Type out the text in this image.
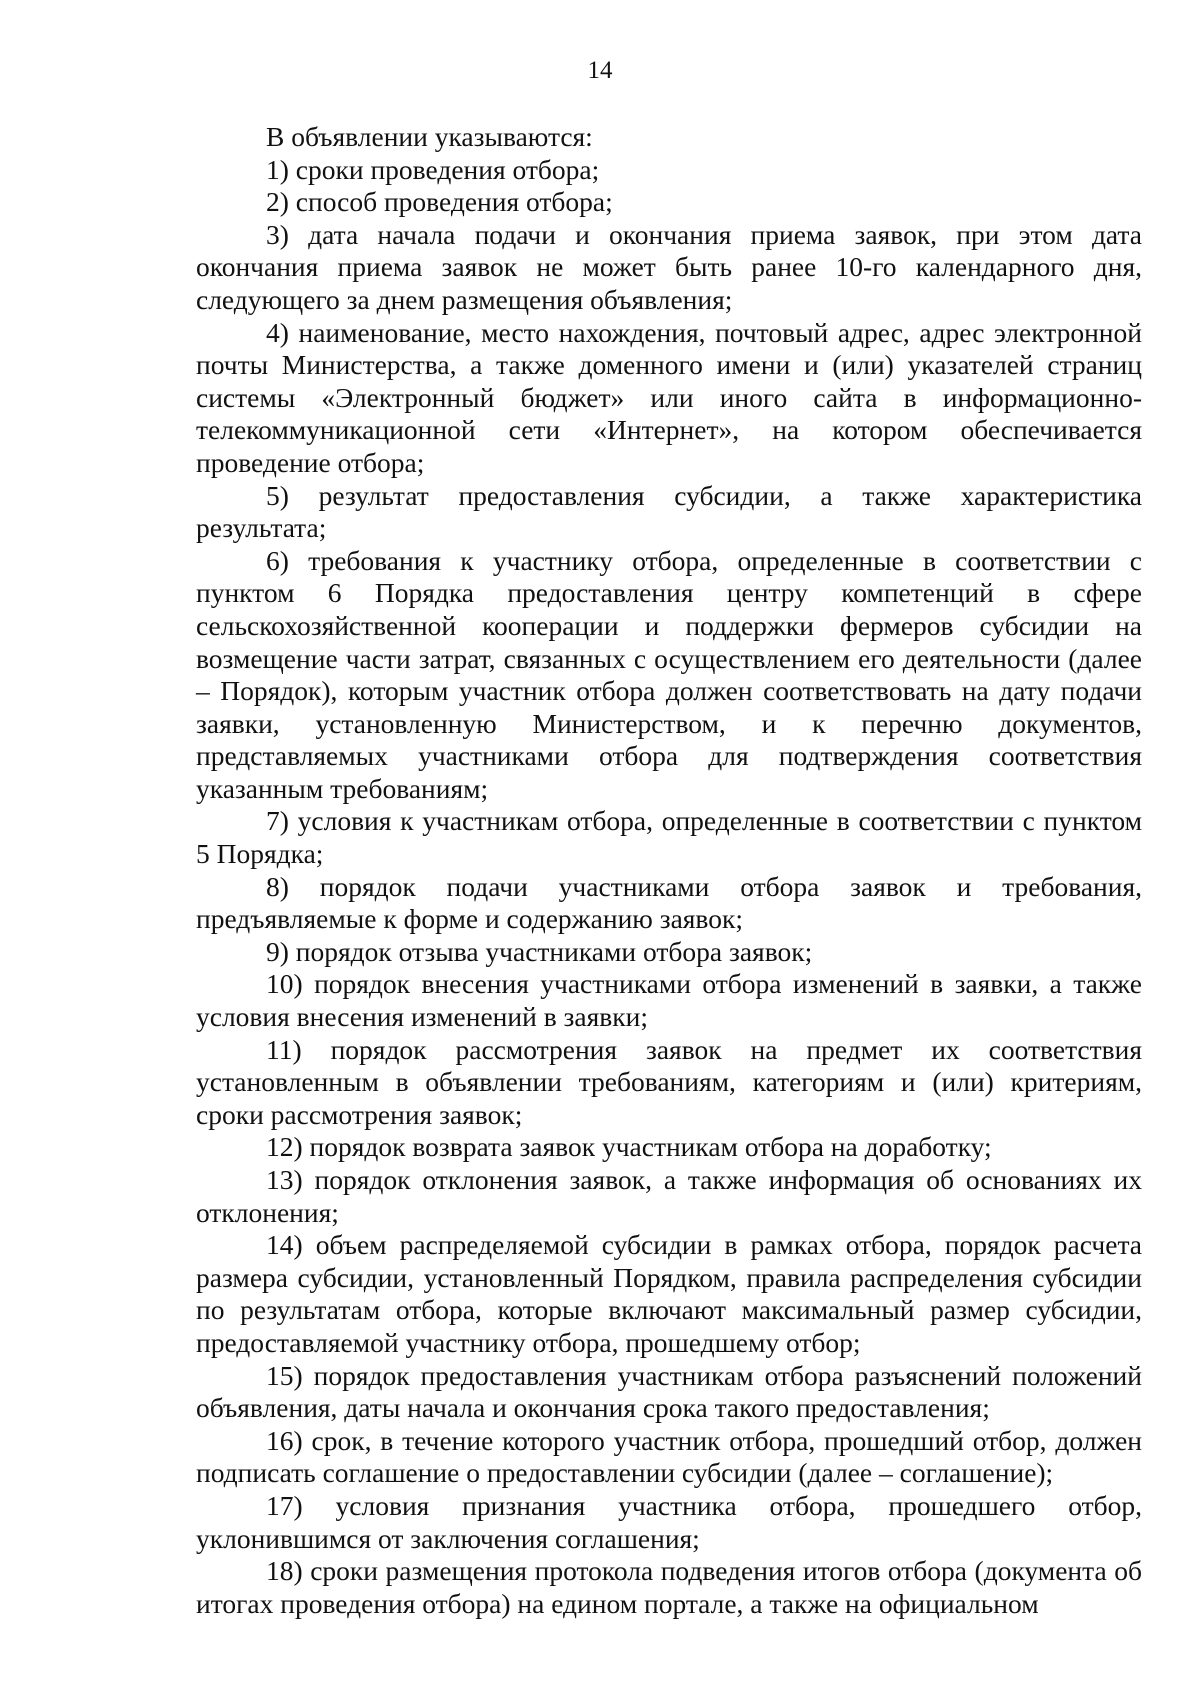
14

В объявлении указываются:

1) сроки проведения отбора;

2) способ проведения отбора;

3) дата начала подачи и окончания приема заявок, при этом дата окончания приема заявок не может быть ранее 10-го календарного дня, следующего за днем размещения объявления;

4) наименование, место нахождения, почтовый адрес, адрес электронной почты Министерства, а также доменного имени и (или) указателей страниц системы «Электронный бюджет» или иного сайта в информационно-телекоммуникационной сети «Интернет», на котором обеспечивается проведение отбора;

5) результат предоставления субсидии, а также характеристика результата;

6) требования к участнику отбора, определенные в соответствии с пунктом 6 Порядка предоставления центру компетенций в сфере сельскохозяйственной кооперации и поддержки фермеров субсидии на возмещение части затрат, связанных с осуществлением его деятельности (далее – Порядок), которым участник отбора должен соответствовать на дату подачи заявки, установленную Министерством, и к перечню документов, представляемых участниками отбора для подтверждения соответствия указанным требованиям;

7) условия к участникам отбора, определенные в соответствии с пунктом 5 Порядка;

8) порядок подачи участниками отбора заявок и требования, предъявляемые к форме и содержанию заявок;

9) порядок отзыва участниками отбора заявок;

10) порядок внесения участниками отбора изменений в заявки, а также условия внесения изменений в заявки;

11) порядок рассмотрения заявок на предмет их соответствия установленным в объявлении требованиям, категориям и (или) критериям, сроки рассмотрения заявок;

12) порядок возврата заявок участникам отбора на доработку;

13) порядок отклонения заявок, а также информация об основаниях их отклонения;

14) объем распределяемой субсидии в рамках отбора, порядок расчета размера субсидии, установленный Порядком, правила распределения субсидии по результатам отбора, которые включают максимальный размер субсидии, предоставляемой участнику отбора, прошедшему отбор;

15) порядок предоставления участникам отбора разъяснений положений объявления, даты начала и окончания срока такого предоставления;

16) срок, в течение которого участник отбора, прошедший отбор, должен подписать соглашение о предоставлении субсидии (далее – соглашение);

17) условия признания участника отбора, прошедшего отбор, уклонившимся от заключения соглашения;

18) сроки размещения протокола подведения итогов отбора (документа об итогах проведения отбора) на едином портале, а также на официальном
